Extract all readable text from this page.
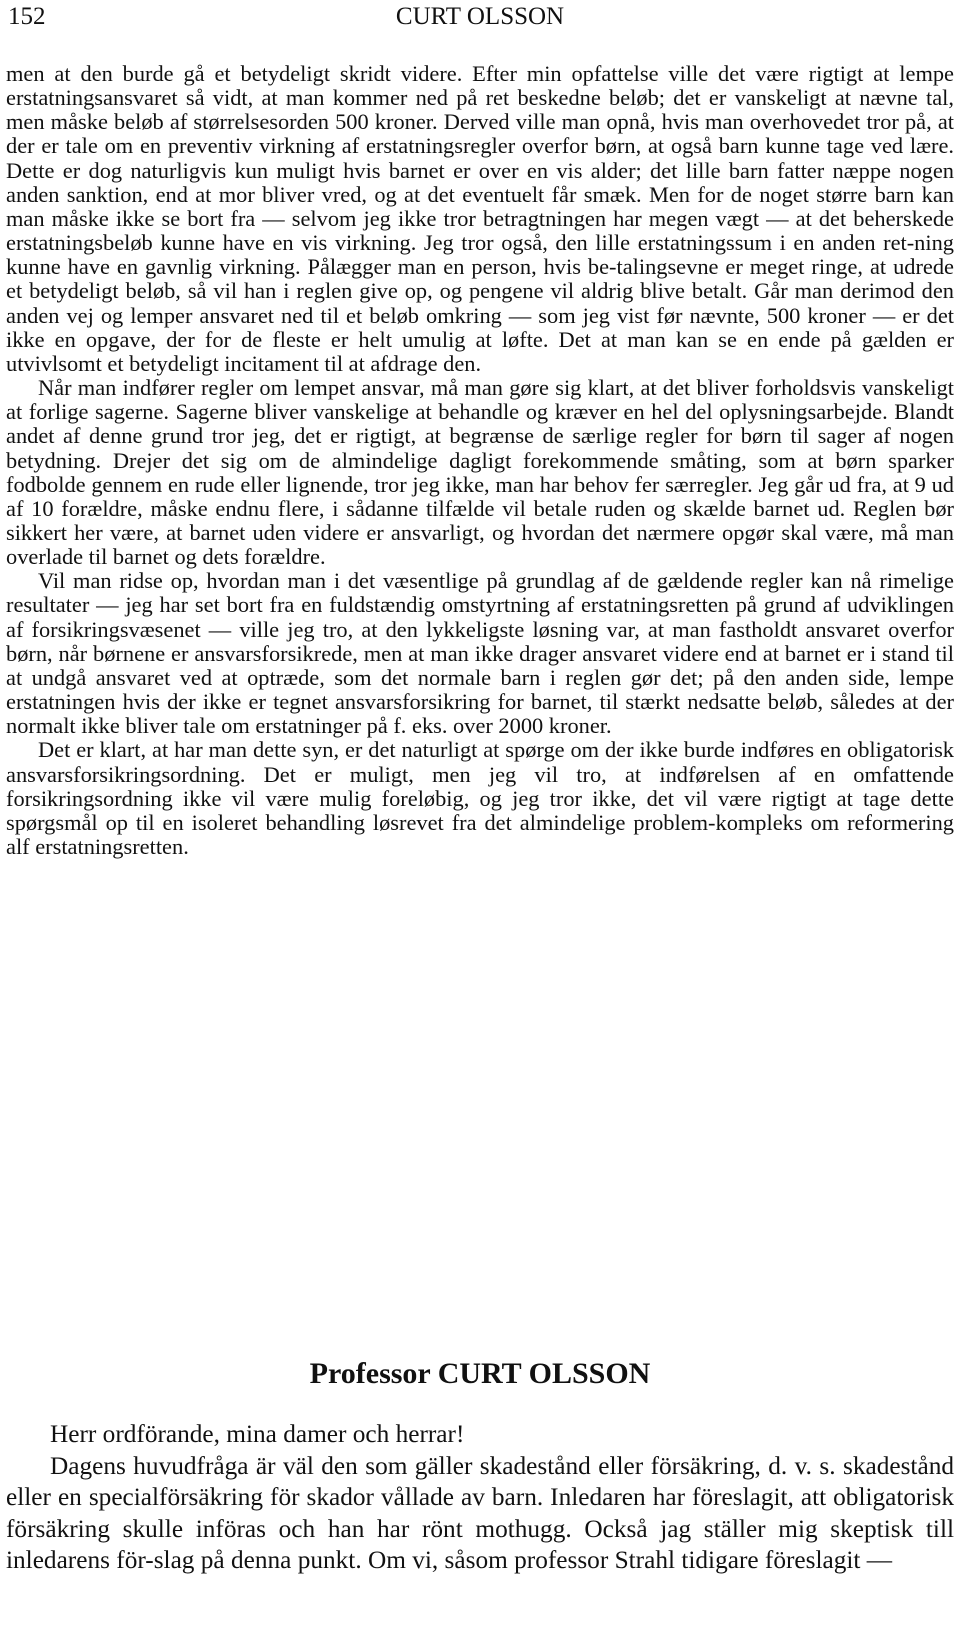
152	CURT OLSSON

men at den burde gå et betydeligt skridt videre. Efter min opfattelse ville det være rigtigt at lempe erstatningsansvaret så vidt, at man kommer ned på ret beskedne beløb; det er vanskeligt at nævne tal, men måske beløb af størrelsesorden 500 kroner. Derved ville man opnå, hvis man overhovedet tror på, at der er tale om en preventiv virkning af erstatningsregler overfor børn, at også barn kunne tage ved lære. Dette er dog naturligvis kun muligt hvis barnet er over en vis alder; det lille barn fatter næppe nogen anden sanktion, end at mor bliver vred, og at det eventuelt får smæk. Men for de noget større barn kan man måske ikke se bort fra — selvom jeg ikke tror betragtningen har megen vægt — at det beherskede erstatningsbeløb kunne have en vis virkning. Jeg tror også, den lille erstatningssum i en anden ret-ning kunne have en gavnlig virkning. Pålægger man en person, hvis be-talingsevne er meget ringe, at udrede et betydeligt beløb, så vil han i reglen give op, og pengene vil aldrig blive betalt. Går man derimod den anden vej og lemper ansvaret ned til et beløb omkring — som jeg vist før nævnte, 500 kroner — er det ikke en opgave, der for de fleste er helt umulig at løfte. Det at man kan se en ende på gælden er utvivlsomt et betydeligt incitament til at afdrage den.

Når man indfører regler om lempet ansvar, må man gøre sig klart, at det bliver forholdsvis vanskeligt at forlige sagerne. Sagerne bliver vanskelige at behandle og kræver en hel del oplysningsarbejde. Blandt andet af denne grund tror jeg, det er rigtigt, at begrænse de særlige regler for børn til sager af nogen betydning. Drejer det sig om de almindelige dagligt forekommende småting, som at børn sparker fodbolde gennem en rude eller lignende, tror jeg ikke, man har behov fer særregler. Jeg går ud fra, at 9 ud af 10 forældre, måske endnu flere, i sådanne tilfælde vil betale ruden og skælde barnet ud. Reglen bør sikkert her være, at barnet uden videre er ansvarligt, og hvordan det nærmere opgør skal være, må man overlade til barnet og dets forældre.

Vil man ridse op, hvordan man i det væsentlige på grundlag af de gældende regler kan nå rimelige resultater — jeg har set bort fra en fuldstændig omstyrtning af erstatningsretten på grund af udviklingen af forsikringsvæsenet — ville jeg tro, at den lykkeligste løsning var, at man fastholdt ansvaret overfor børn, når børnene er ansvarsforsikrede, men at man ikke drager ansvaret videre end at barnet er i stand til at undgå ansvaret ved at optræde, som det normale barn i reglen gør det; på den anden side, lempe erstatningen hvis der ikke er tegnet ansvarsforsikring for barnet, til stærkt nedsatte beløb, således at der normalt ikke bliver tale om erstatninger på f. eks. over 2000 kroner.

Det er klart, at har man dette syn, er det naturligt at spørge om der ikke burde indføres en obligatorisk ansvarsforsikringsordning. Det er muligt, men jeg vil tro, at indførelsen af en omfattende forsikringsordning ikke vil være mulig foreløbig, og jeg tror ikke, det vil være rigtigt at tage dette spørgsmål op til en isoleret behandling løsrevet fra det almindelige problem-kompleks om reformering alf erstatningsretten.

Professor CURT OLSSON

Herr ordförande, mina damer och herrar!

Dagens huvudfråga är väl den som gäller skadestånd eller försäkring, d. v. s. skadestånd eller en specialförsäkring för skador vållade av barn. Inledaren har föreslagit, att obligatorisk försäkring skulle införas och han har rönt mothugg. Också jag ställer mig skeptisk till inledarens för-slag på denna punkt. Om vi, såsom professor Strahl tidigare föreslagit —
